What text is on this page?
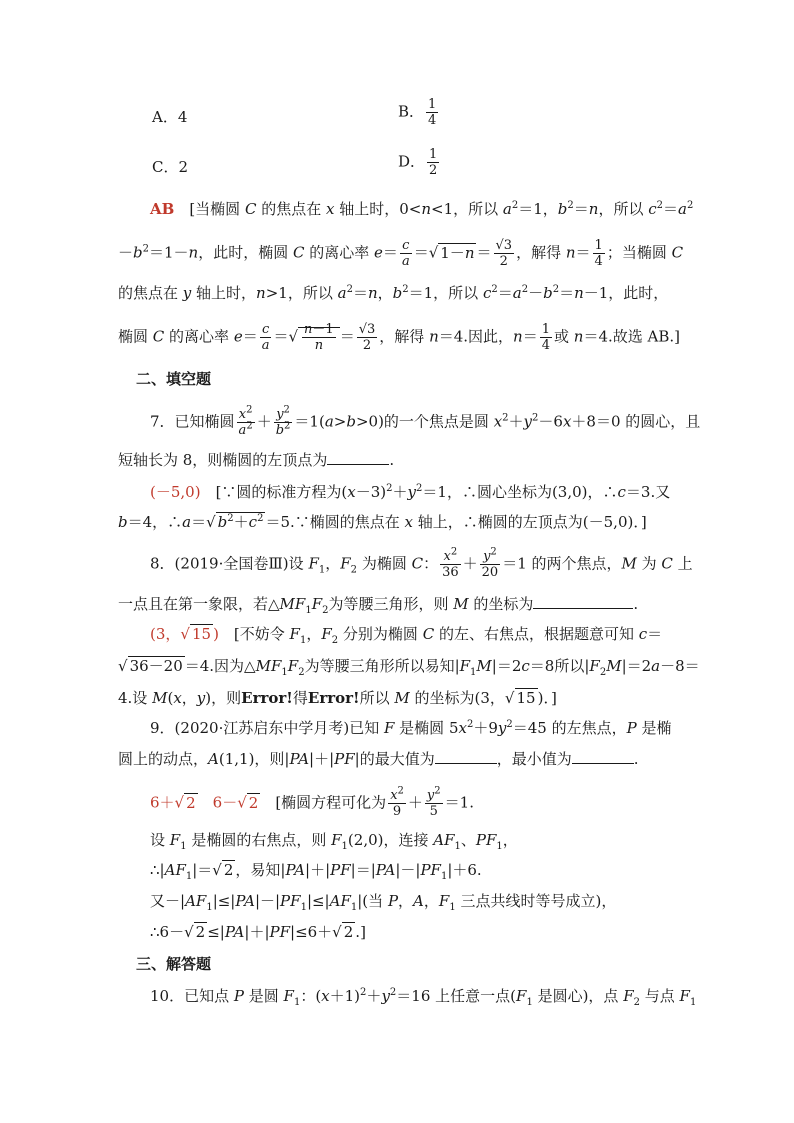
A．4	B． $\frac{1}{4}$
C．2	D． $\frac{1}{2}$
AB　[当椭圆 C 的焦点在 x 轴上时，0<n<1，所以 $a^2=1$，$b^2=n$，所以 $c^2=a^2$
$-b^2=1-n$，此时，椭圆 C 的离心率 $e= \frac{c}{a}$ ＝√ $1-n = \frac{√3}{2}$ ，解得 $n= \frac{1}{4}$ ；当椭圆 C
的焦点在 y 轴上时，n>1，所以 $a^2=n$，$b^2=1$，所以 $c^2=a^2-b^2=n-1$，此时，
椭圆 C 的离心率 $e= \frac{c}{a}$ ＝√ $\frac{n-1}{n} = \frac{√3}{2}$ ，解得 n＝4.因此，$n= \frac{1}{4}$ 或 n＝4.故选 AB.]
二、填空题
7．已知椭圆 $\frac{x^2}{a^2} + \frac{y^2}{b^2} =1(a>b>0)$的一个焦点是圆 $x^2+y^2-6x+8=0$ 的圆心，且
短轴长为 8，则椭圆的左顶点为	.
(－5,0)　[∵圆的标准方程为$(x-3)^2+y^2=1$，∴圆心坐标为(3,0)，∴c＝3.又
b＝4，∴a＝√ $b^2+c^2$ ＝5.∵椭圆的焦点在 x 轴上，∴椭圆的左顶点为(－5,0)．]
8．(2019·全国卷Ⅲ)设 $F_1$，$F_2$ 为椭圆 C： $\frac{x^2}{36} + \frac{y^2}{20} =1$ 的两个焦点，M 为 C 上
一点且在第一象限，若$\triangle MF_1F_2$为等腰三角形，则 M 的坐标为	.
(3，√ 15 )　[不妨令 $F_1$，$F_2$ 分别为椭圆 C 的左、右焦点，根据题意可知 c＝
√ 36－20 ＝4.因为$\triangle MF_1F_2$为等腰三角形所以易知$|F_1M|=2c=8$所以$|F_2M|=2a-8=$
4.设 M(x，y)，则Error!得Error!所以 M 的坐标为(3，√ 15 )．]
9．(2020·江苏启东中学月考)已知 F 是椭圆 $5x^2+9y^2=45$ 的左焦点，P 是椭
圆上的动点，A(1,1)，则|PA|＋|PF|的最大值为	，最小值为	.
6＋√ 2　 6－√ 2　[椭圆方程可化为 $\frac{x^2}{9} + \frac{y^2}{5} =1$.
设 $F_1$ 是椭圆的右焦点，则 $F_1(2,0)$，连接 $AF_1$、$PF_1$，
$\therefore|AF_1|=√$ 2 ，易知$|PA|+|PF|=|PA|-|PF_1|+6$.
又$-|AF_1|\le|PA|-|PF_1|\le|AF_1|$(当 P，A，$F_1$ 三点共线时等号成立)，
∴6－√ 2 ≤|PA|＋|PF|≤6＋√ 2 .]
三、解答题
10．已知点 P 是圆 $F_1$：$(x+1)^2+y^2=16$ 上任意一点($F_1$ 是圆心)，点 $F_2$ 与点 $F_1$
